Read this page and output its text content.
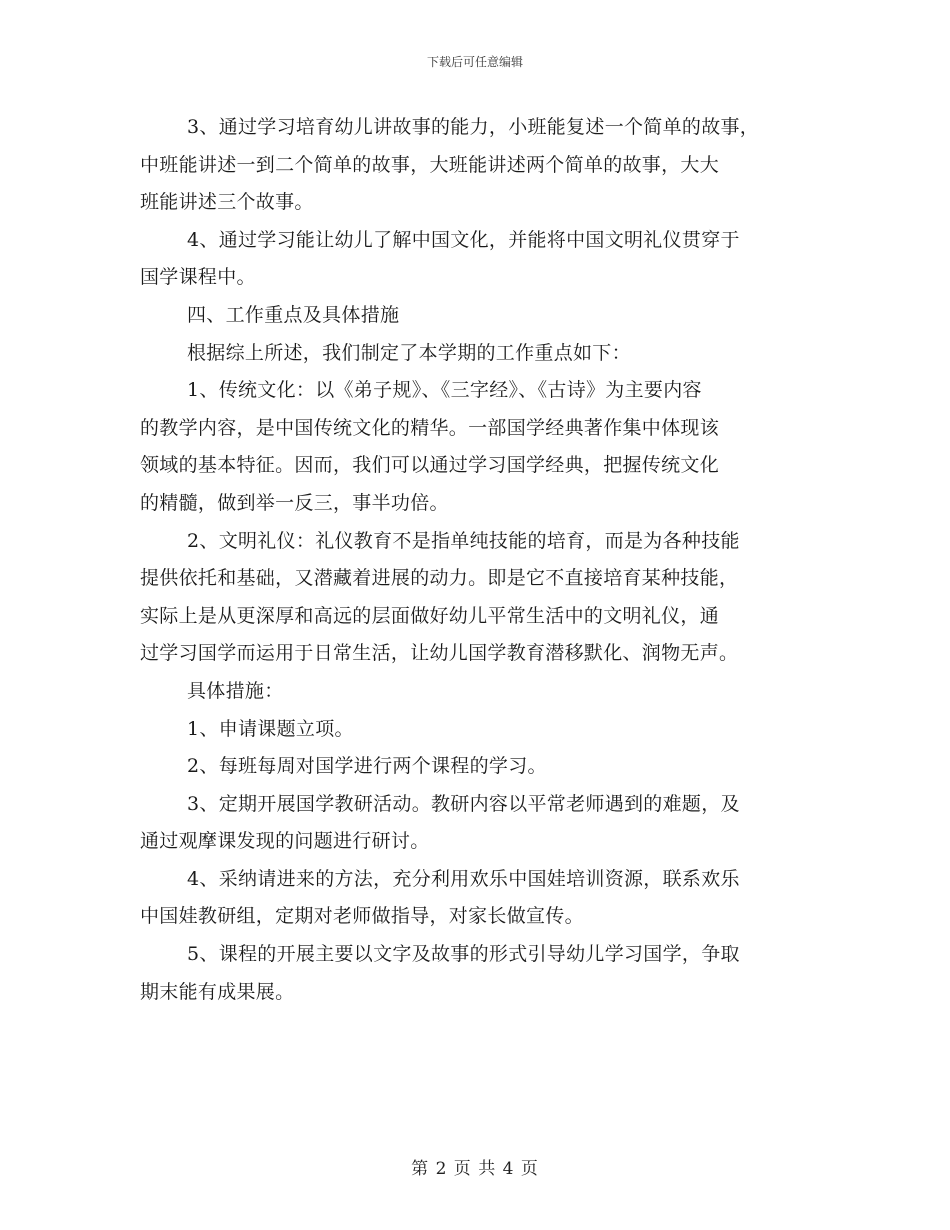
下载后可任意编辑
3、通过学习培育幼儿讲故事的能力，小班能复述一个简单的故事，
中班能讲述一到二个简单的故事，大班能讲述两个简单的故事，大大
班能讲述三个故事。
4、通过学习能让幼儿了解中国文化，并能将中国文明礼仪贯穿于
国学课程中。
四、工作重点及具体措施
根据综上所述，我们制定了本学期的工作重点如下：
1、传统文化：以《弟子规》、《三字经》、《古诗》为主要内容
的教学内容，是中国传统文化的精华。一部国学经典著作集中体现该
领域的基本特征。因而，我们可以通过学习国学经典，把握传统文化
的精髓，做到举一反三，事半功倍。
2、文明礼仪：礼仪教育不是指单纯技能的培育，而是为各种技能
提供依托和基础，又潜藏着进展的动力。即是它不直接培育某种技能，
实际上是从更深厚和高远的层面做好幼儿平常生活中的文明礼仪，通
过学习国学而运用于日常生活，让幼儿国学教育潜移默化、润物无声。
具体措施：
1、申请课题立项。
2、每班每周对国学进行两个课程的学习。
3、定期开展国学教研活动。教研内容以平常老师遇到的难题，及
通过观摩课发现的问题进行研讨。
4、采纳请进来的方法，充分利用欢乐中国娃培训资源，联系欢乐
中国娃教研组，定期对老师做指导，对家长做宣传。
5、课程的开展主要以文字及故事的形式引导幼儿学习国学，争取
期末能有成果展。
第 2 页 共 4 页
